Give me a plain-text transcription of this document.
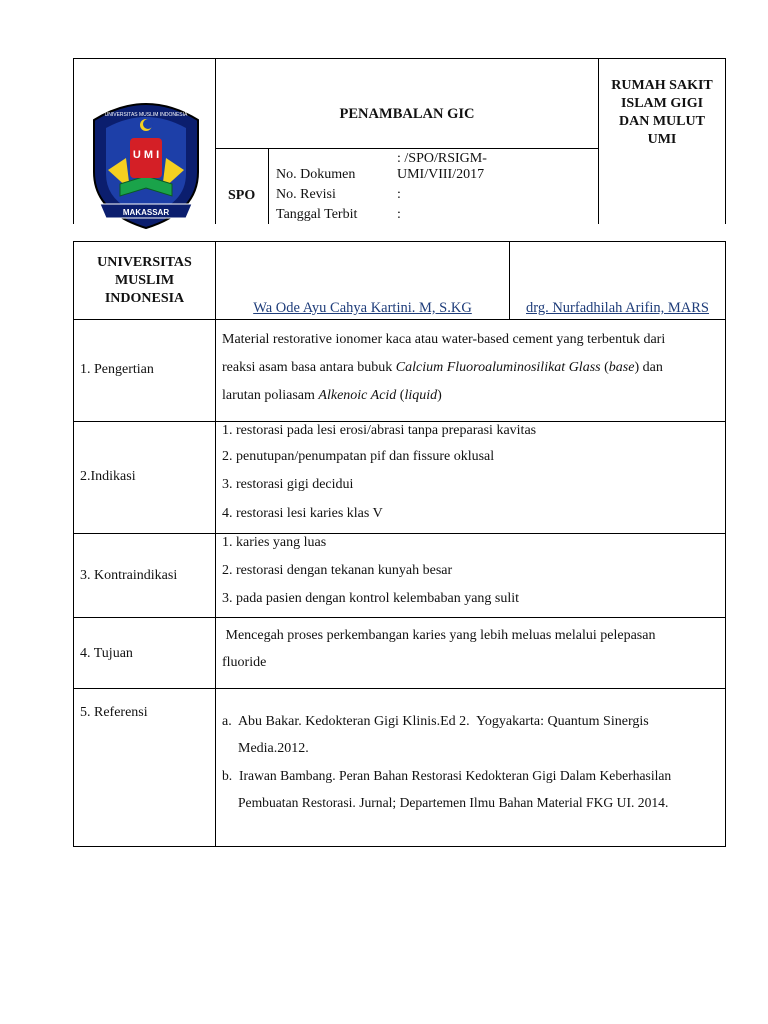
U M I
MAKASSAR
UNIVERSITAS MUSLIM INDONESIA	PENAMBALAN GIC
RUMAH SAKIT
ISLAM GIGI
DAN MULUT
UMI
SPO
No. Dokumen
No. Revisi
Tanggal Terbit
: /SPO/RSIGM-
UMI/VIII/2017
:
:
UNIVERSITAS
MUSLIM
INDONESIA
Wa Ode Ayu Cahya Kartini. M, S.KG	drg. Nurfadhilah Arifin, MARS
1. Pengertian
Material restorative ionomer kaca atau water-based cement yang terbentuk dari
reaksi asam basa antara bubuk Calcium Fluoroaluminosilikat Glass (base) dan
larutan poliasam Alkenoic Acid (liquid)
2.Indikasi
1. restorasi pada lesi erosi/abrasi tanpa preparasi kavitas
2. penutupan/penumpatan pif dan fissure oklusal
3. restorasi gigi decidui
4. restorasi lesi karies klas V
3. Kontraindikasi
1. karies yang luas
2. restorasi dengan tekanan kunyah besar
3. pada pasien dengan kontrol kelembaban yang sulit
4. Tujuan
Mencegah proses perkembangan karies yang lebih meluas melalui pelepasan
fluoride
5. Referensi
a.  Abu Bakar. Kedokteran Gigi Klinis.Ed 2.  Yogyakarta: Quantum Sinergis
Media.2012.
b.  Irawan Bambang. Peran Bahan Restorasi Kedokteran Gigi Dalam Keberhasilan
Pembuatan Restorasi. Jurnal; Departemen Ilmu Bahan Material FKG UI. 2014.
